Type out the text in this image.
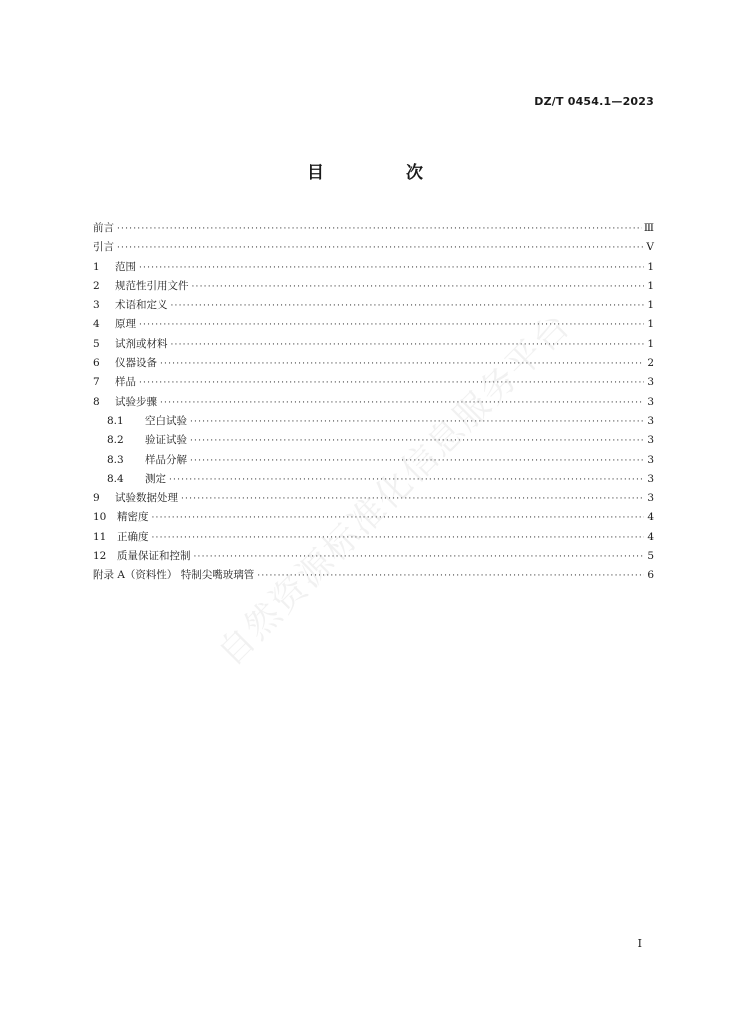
DZ/T 0454.1—2023
目 次
前言 ·····	Ⅲ
引言 ·····	Ⅴ
1	范围 ·····	1
2	规范性引用文件 ·····	1
3	术语和定义 ·····	1
4	原理 ·····	1
5	试剂或材料 ·····	1
6	仪器设备 ·····	2
7	样品 ·····	3
8	试验步骤 ·····	3
8.1	空白试验 ·····	3
8.2	验证试验 ·····	3
8.3	样品分解 ·····	3
8.4	测定 ·····	3
9	试验数据处理 ·····	3
10	精密度 ·····	4
11	正确度 ·····	4
12	质量保证和控制 ·····	5
附录 A（资料性） 特制尖嘴玻璃管 ·····	6
自然资源标准化信息服务平台
I
